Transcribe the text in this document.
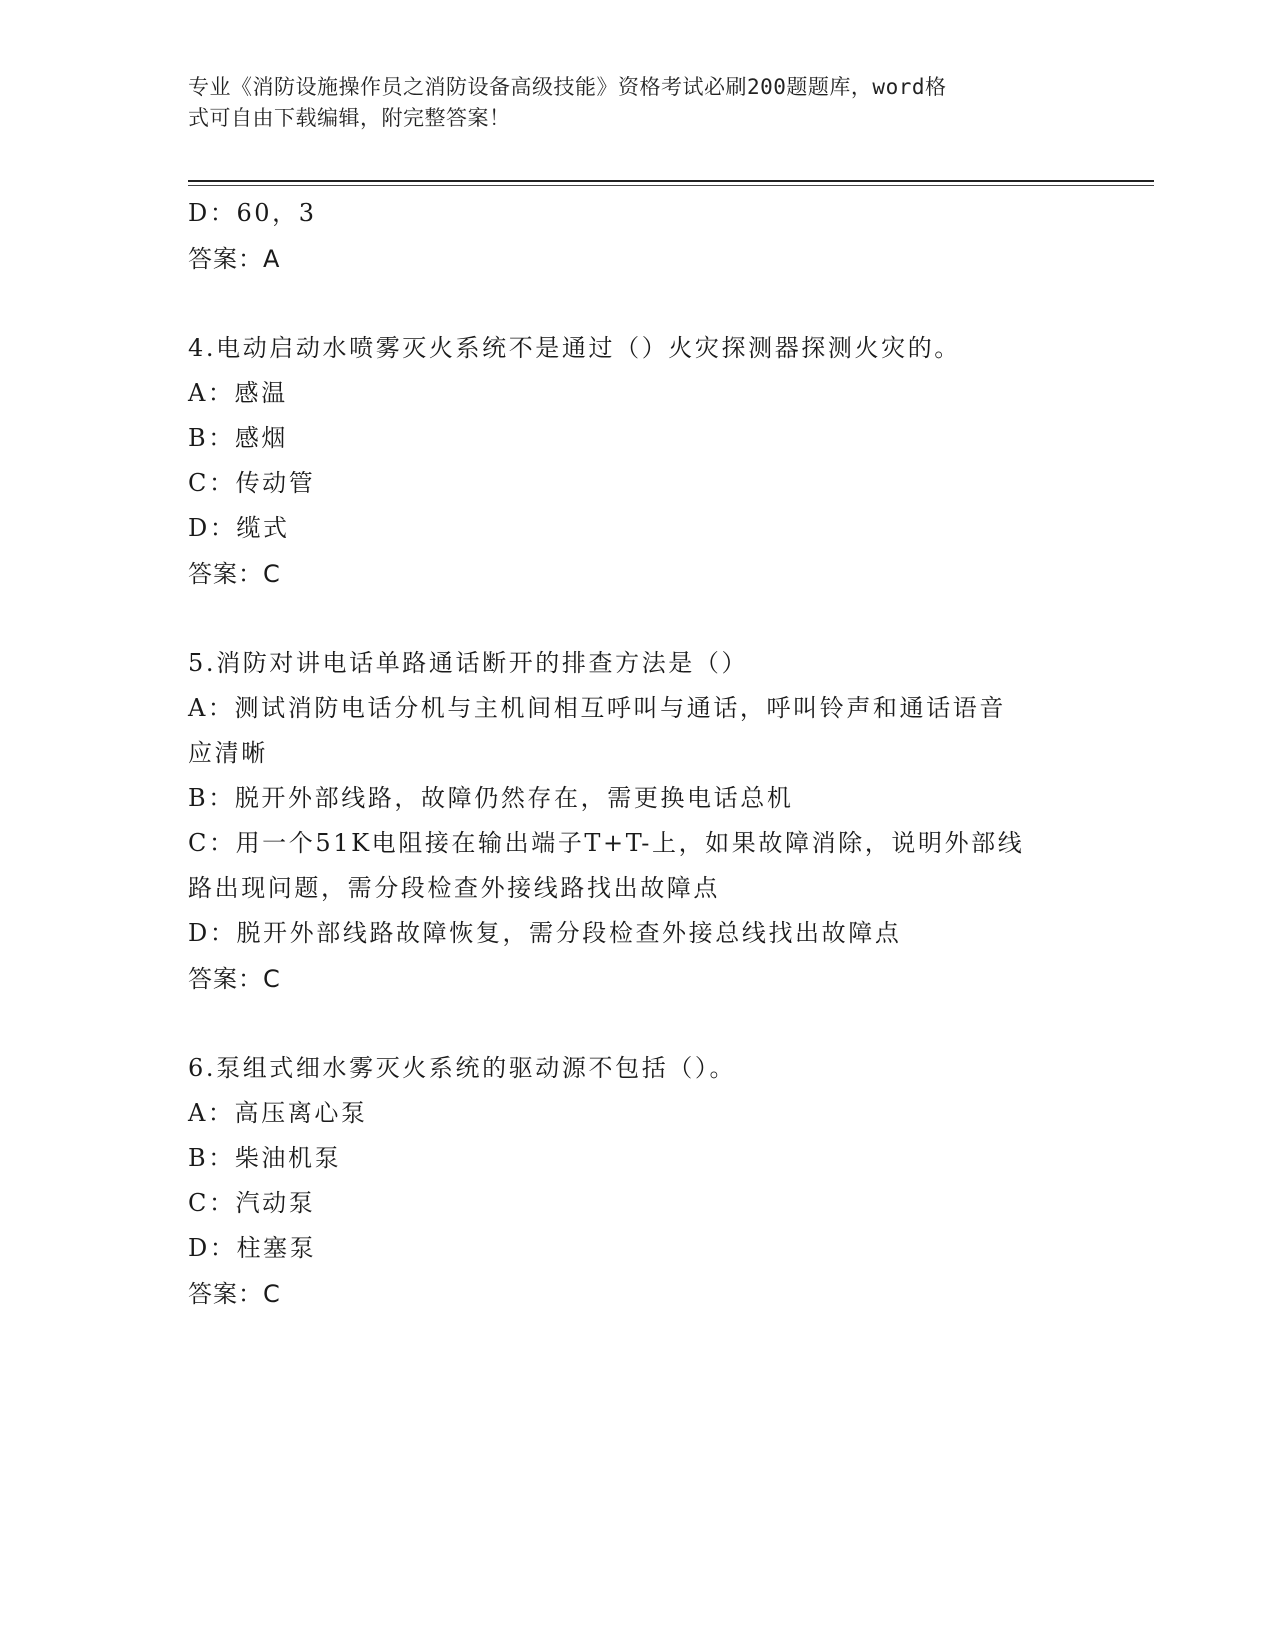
专业《消防设施操作员之消防设备高级技能》资格考试必刷200题题库，word格
式可自由下载编辑，附完整答案！
D：60，3
答案：A
4.电动启动水喷雾灭火系统不是通过（）火灾探测器探测火灾的。
A：感温
B：感烟
C：传动管
D：缆式
答案：C
5.消防对讲电话单路通话断开的排查方法是（）
A：测试消防电话分机与主机间相互呼叫与通话，呼叫铃声和通话语音
应清晰
B：脱开外部线路，故障仍然存在，需更换电话总机
C：用一个51K电阻接在输出端子T+T-上，如果故障消除，说明外部线
路出现问题，需分段检查外接线路找出故障点
D：脱开外部线路故障恢复，需分段检查外接总线找出故障点
答案：C
6.泵组式细水雾灭火系统的驱动源不包括（）。
A：高压离心泵
B：柴油机泵
C：汽动泵
D：柱塞泵
答案：C
